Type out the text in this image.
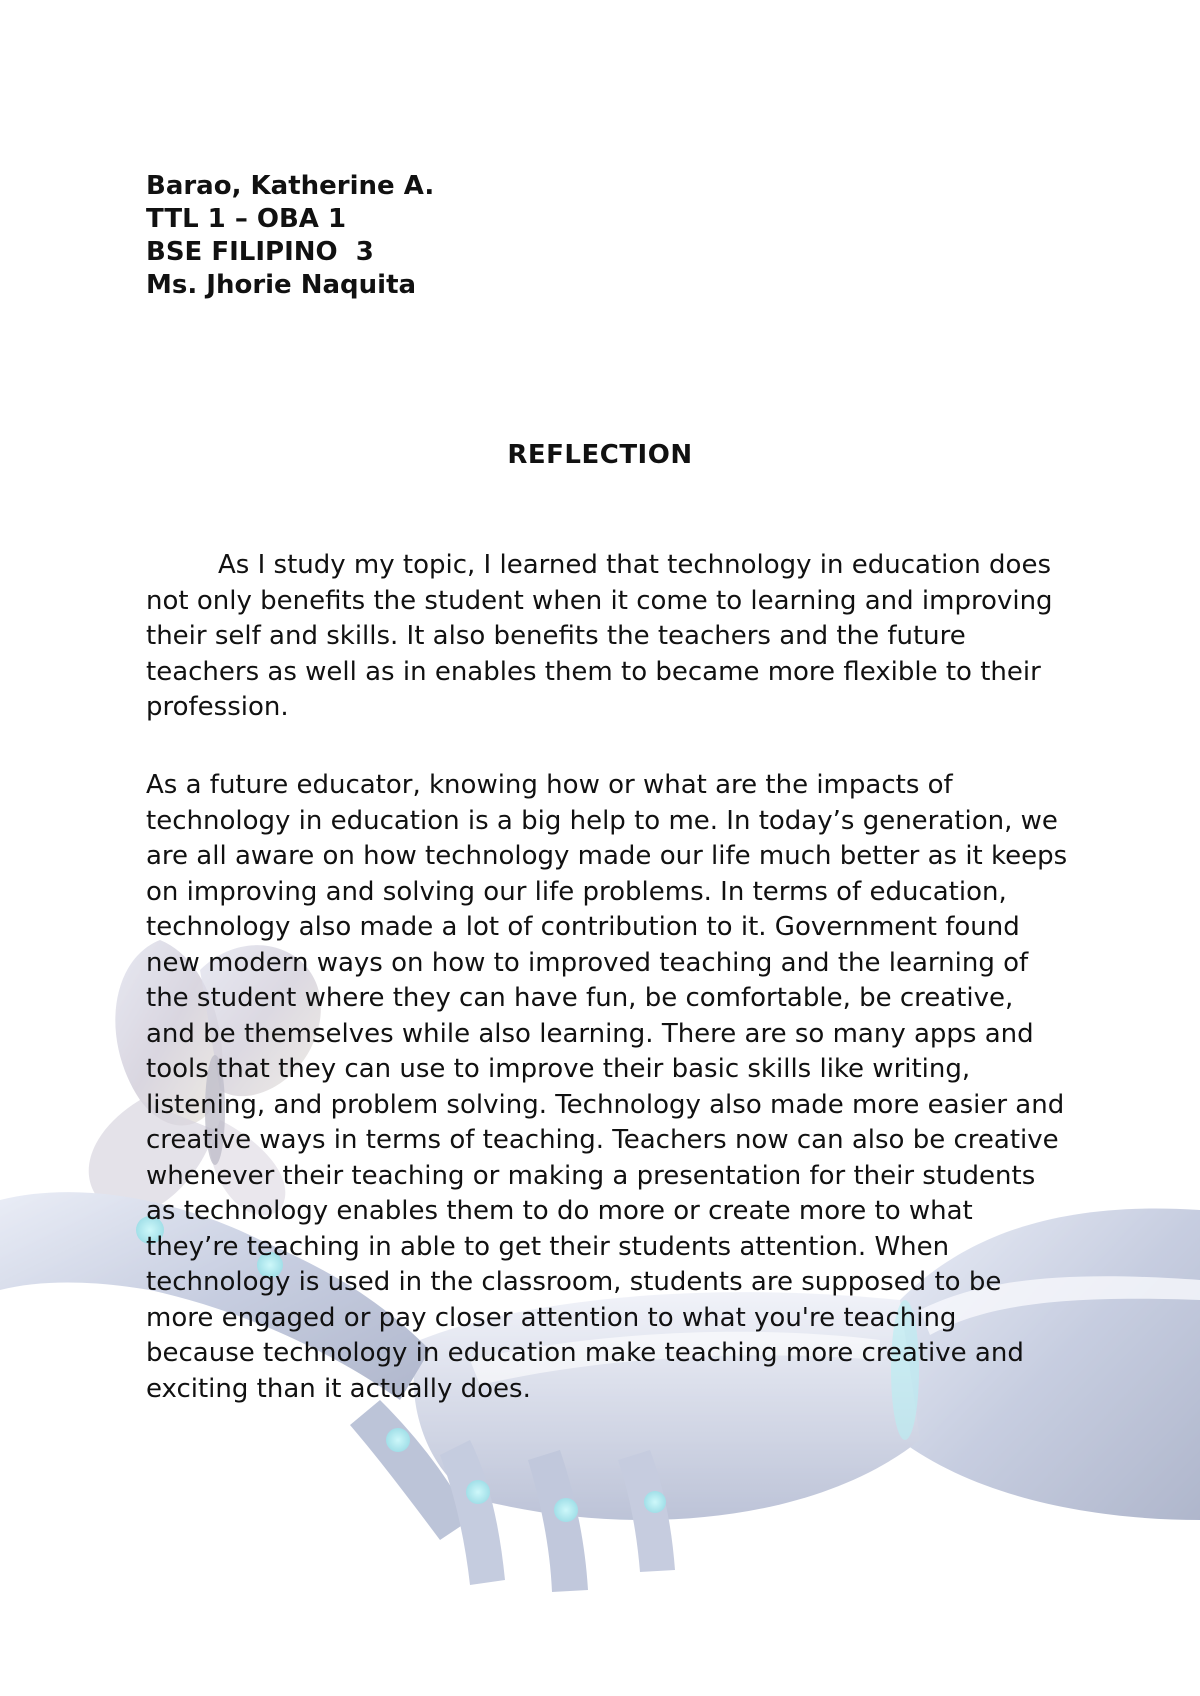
Barao, Katherine A.
TTL 1 – OBA 1
BSE FILIPINO  3
Ms. Jhorie Naquita
REFLECTION

As I study my topic, I learned that technology in education does not only benefits the student when it come to learning and improving their self and skills. It also benefits the teachers and the future teachers as well as in enables them to became more flexible to their profession.

As a future educator, knowing how or what are the impacts of technology in education is a big help to me. In today’s generation, we are all aware on how technology made our life much better as it keeps on improving and solving our life problems. In terms of education, technology also made a lot of contribution to it. Government found new modern ways on how to improved teaching and the learning of the student where they can have fun, be comfortable, be creative, and be themselves while also learning. There are so many apps and tools that they can use to improve their basic skills like writing, listening, and problem solving. Technology also made more easier and creative ways in terms of teaching. Teachers now can also be creative whenever their teaching or making a presentation for their students as technology enables them to do more or create more to what they’re teaching in able to get their students attention. When technology is used in the classroom, students are supposed to be more engaged or pay closer attention to what you're teaching because technology in education make teaching more creative and exciting than it actually does.
